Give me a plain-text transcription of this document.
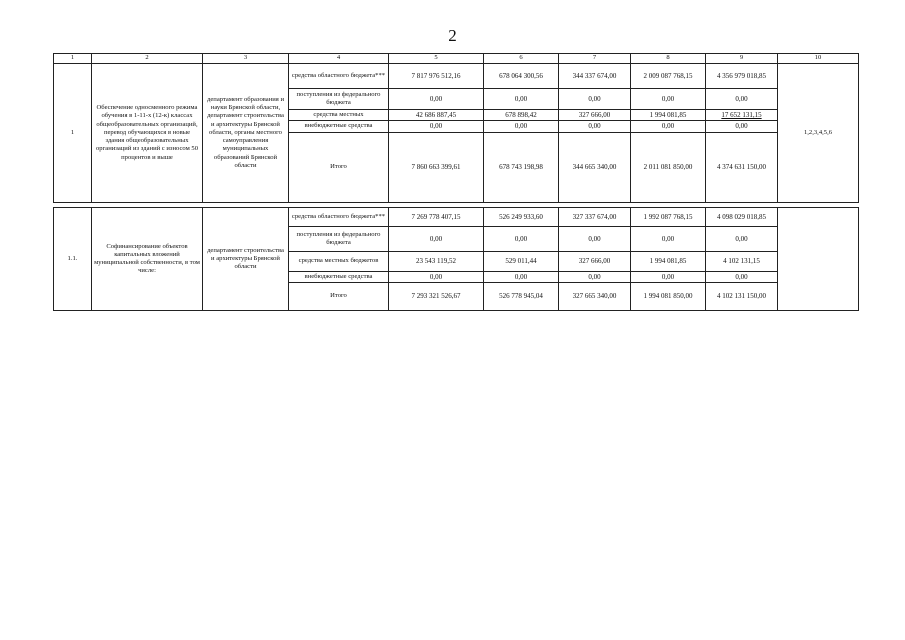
2
1	2	3	4	5	6	7	8	9	10
1	Обеспечение односменного режима обучения в 1-11-х (12-к) классах общеобразовательных организаций, перевод обучающихся в новые здания общеобразовательных организаций из зданий с износом 50 процентов и выше	департамент образования и науки Брянской области, департамент строительства и архитектуры Брянской области, органы местного самоуправления муниципальных образований Брянской области	средства областного бюджета***	7 817 976 512,16	678 064 300,56	344 337 674,00	2 009 087 768,15	4 356 979 018,85	1,2,3,4,5,6
			поступления из федерального бюджета	0,00	0,00	0,00	0,00	0,00	
			средства местных	42 686 887,45	678 898,42	327 666,00	1 994 081,85	17 652 131,15	
			внебюджетные средства	0,00	0,00	0,00	0,00	0,00	
			Итого	7 860 663 399,61	678 743 198,98	344 665 340,00	2 011 081 850,00	4 374 631 150,00	

1.1.	Софинансирование объектов капитальных вложений муниципальной собственности, в том числе:	департамент строительства и архитектуры Брянской области	средства областного бюджета***	7 269 778 407,15	526 249 933,60	327 337 674,00	1 992 087 768,15	4 098 029 018,85	
			поступления из федерального бюджета	0,00	0,00	0,00	0,00	0,00	
			средства местных бюджетов	23 543 119,52	529 011,44	327 666,00	1 994 081,85	4 102 131,15	
			внебюджетные средства	0,00	0,00	0,00	0,00	0,00	
			Итого	7 293 321 526,67	526 778 945,04	327 665 340,00	1 994 081 850,00	4 102 131 150,00	
